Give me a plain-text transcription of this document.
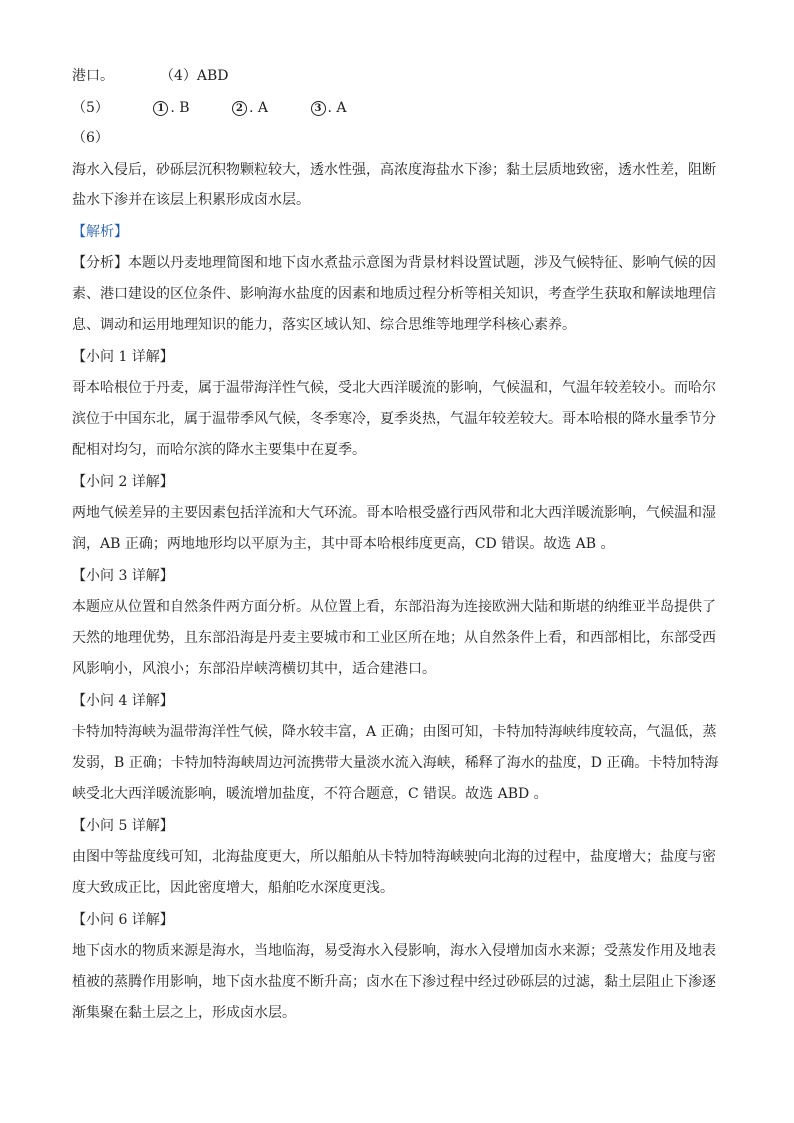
港口。	（4）ABD
（5）	1 . B	2 . A	3 . A
（6）
海水入侵后，砂砾层沉积物颗粒较大，透水性强，高浓度海盐水下渗；黏土层质地致密，透水性差，阻断
盐水下渗并在该层上积累形成卤水层。
【解析】
【分析】本题以丹麦地理简图和地下卤水煮盐示意图为背景材料设置试题，涉及气候特征、影响气候的因
素、港口建设的区位条件、影响海水盐度的因素和地质过程分析等相关知识，考查学生获取和解读地理信
息、调动和运用地理知识的能力，落实区域认知、综合思维等地理学科核心素养。
【小问 1 详解】
哥本哈根位于丹麦，属于温带海洋性气候，受北大西洋暖流的影响，气候温和，气温年较差较小。而哈尔
滨位于中国东北，属于温带季风气候，冬季寒冷，夏季炎热，气温年较差较大。哥本哈根的降水量季节分
配相对均匀，而哈尔滨的降水主要集中在夏季。
【小问 2 详解】
两地气候差异的主要因素包括洋流和大气环流。哥本哈根受盛行西风带和北大西洋暖流影响，气候温和湿
润，AB 正确；两地地形均以平原为主，其中哥本哈根纬度更高，CD 错误。故选 AB 。
【小问 3 详解】
本题应从位置和自然条件两方面分析。从位置上看，东部沿海为连接欧洲大陆和斯堪的纳维亚半岛提供了
天然的地理优势，且东部沿海是丹麦主要城市和工业区所在地；从自然条件上看，和西部相比，东部受西
风影响小，风浪小；东部沿岸峡湾横切其中，适合建港口。
【小问 4 详解】
卡特加特海峡为温带海洋性气候，降水较丰富，A 正确；由图可知，卡特加特海峡纬度较高，气温低，蒸
发弱，B 正确；卡特加特海峡周边河流携带大量淡水流入海峡，稀释了海水的盐度，D 正确。卡特加特海
峡受北大西洋暖流影响，暖流增加盐度，不符合题意，C 错误。故选 ABD 。
【小问 5 详解】
由图中等盐度线可知，北海盐度更大，所以船舶从卡特加特海峡驶向北海的过程中，盐度增大；盐度与密
度大致成正比，因此密度增大，船舶吃水深度更浅。
【小问 6 详解】
地下卤水的物质来源是海水，当地临海，易受海水入侵影响，海水入侵增加卤水来源；受蒸发作用及地表
植被的蒸腾作用影响，地下卤水盐度不断升高；卤水在下渗过程中经过砂砾层的过滤，黏土层阻止下渗逐
渐集聚在黏土层之上，形成卤水层。
